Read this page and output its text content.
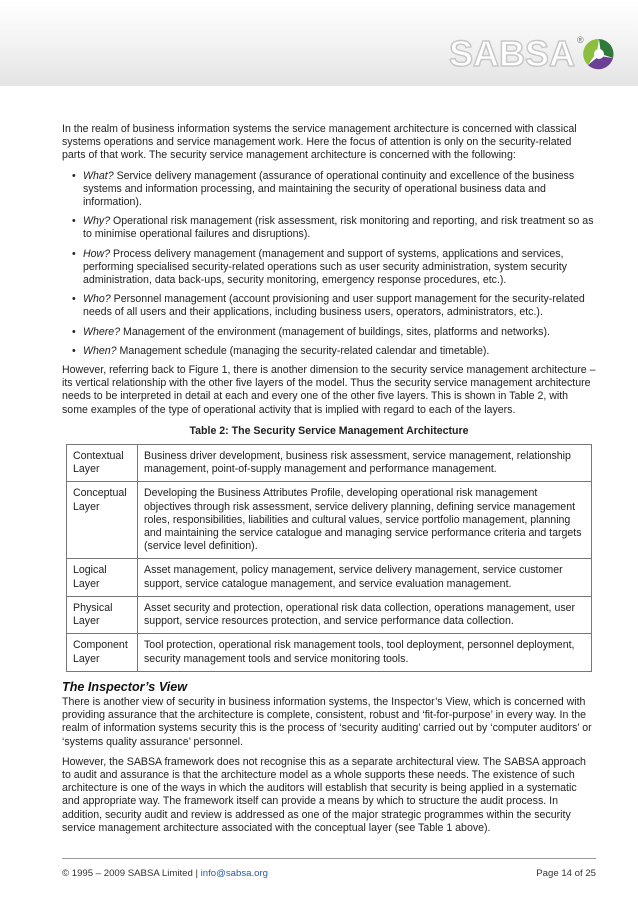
SABSA ®

In the realm of business information systems the service management architecture is concerned with classical systems operations and service management work. Here the focus of attention is only on the security-related parts of that work. The security service management architecture is concerned with the following:

• What? Service delivery management (assurance of operational continuity and excellence of the business systems and information processing, and maintaining the security of operational business data and information).
• Why? Operational risk management (risk assessment, risk monitoring and reporting, and risk treatment so as to minimise operational failures and disruptions).
• How? Process delivery management (management and support of systems, applications and services, performing specialised security-related operations such as user security administration, system security administration, data back-ups, security monitoring, emergency response procedures, etc.).
• Who? Personnel management (account provisioning and user support management for the security-related needs of all users and their applications, including business users, operators, administrators, etc.).
• Where? Management of the environment (management of buildings, sites, platforms and networks).
• When? Management schedule (managing the security-related calendar and timetable).

However, referring back to Figure 1, there is another dimension to the security service management architecture – its vertical relationship with the other five layers of the model. Thus the security service management architecture needs to be interpreted in detail at each and every one of the other five layers. This is shown in Table 2, with some examples of the type of operational activity that is implied with regard to each of the layers.

Table 2: The Security Service Management Architecture
Contextual Layer	Business driver development, business risk assessment, service management, relationship management, point-of-supply management and performance management.
Conceptual Layer	Developing the Business Attributes Profile, developing operational risk management objectives through risk assessment, service delivery planning, defining service management roles, responsibilities, liabilities and cultural values, service portfolio management, planning and maintaining the service catalogue and managing service performance criteria and targets (service level definition).
Logical Layer	Asset management, policy management, service delivery management, service customer support, service catalogue management, and service evaluation management.
Physical Layer	Asset security and protection, operational risk data collection, operations management, user support, service resources protection, and service performance data collection.
Component Layer	Tool protection, operational risk management tools, tool deployment, personnel deployment, security management tools and service monitoring tools.
The Inspector’s View

There is another view of security in business information systems, the Inspector’s View, which is concerned with providing assurance that the architecture is complete, consistent, robust and ‘fit-for-purpose’ in every way. In the realm of information systems security this is the process of ‘security auditing’ carried out by ‘computer auditors’ or ‘systems quality assurance’ personnel.

However, the SABSA framework does not recognise this as a separate architectural view. The SABSA approach to audit and assurance is that the architecture model as a whole supports these needs. The existence of such architecture is one of the ways in which the auditors will establish that security is being applied in a systematic and appropriate way. The framework itself can provide a means by which to structure the audit process. In addition, security audit and review is addressed as one of the major strategic programmes within the security service management architecture associated with the conceptual layer (see Table 1 above).

© 1995 – 2009 SABSA Limited | info@sabsa.org	Page 14 of 25
